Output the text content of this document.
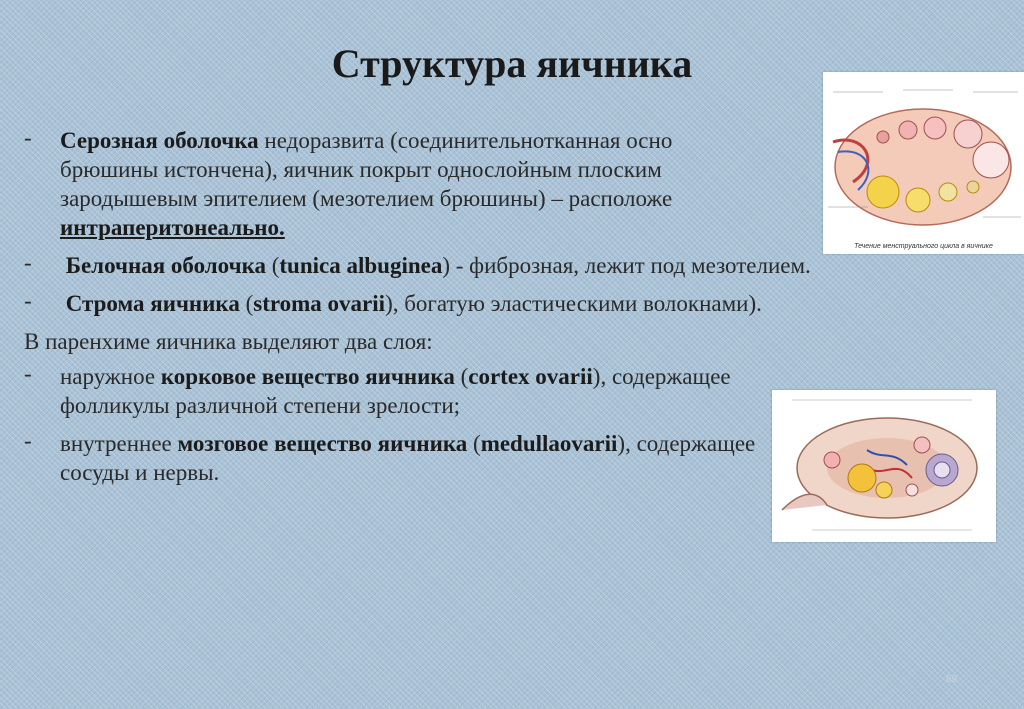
Структура яичника
- Серозная оболочка недоразвита (соединительнотканная осно
брюшины истончена), яичник покрыт однослойным плоским
зародышевым эпителием (мезотелием брюшины) – расположе
интраперитонеально.
- Белочная оболочка (tunica albuginea) - фиброзная, лежит под мезотелием.
- Строма яичника (stroma ovarii), богатую эластическими волокнами).
В паренхиме яичника выделяют два слоя:
- наружное корковое вещество яичника (cortex ovarii), содержащее фолликулы различной степени зрелости;
- внутреннее мозговое вещество яичника (medullaovarii), содержащее сосуды и нервы.
Течение менструального цикла в яичнике
69
